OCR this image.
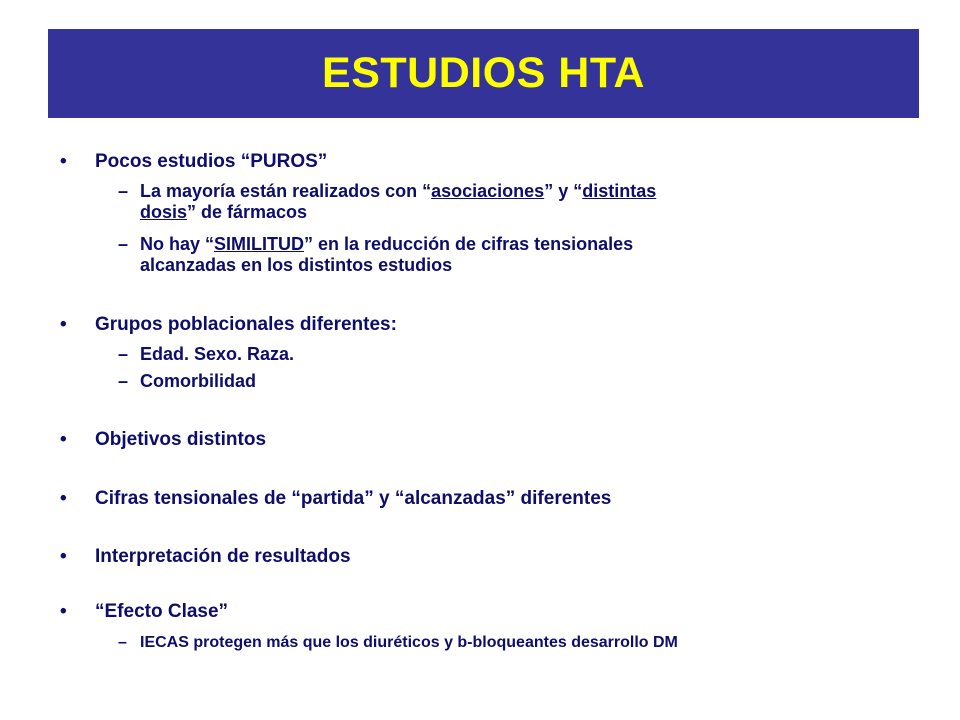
ESTUDIOS HTA
•	Pocos estudios “PUROS”
– La mayoría están realizados con “asociaciones” y “distintas
dosis” de fármacos
– No hay “SIMILITUD” en la reducción de cifras tensionales
alcanzadas en los distintos estudios
•	Grupos poblacionales diferentes:
– Edad. Sexo. Raza.
– Comorbilidad
•	Objetivos distintos
•	Cifras tensionales de “partida” y “alcanzadas” diferentes
•	Interpretación de resultados
•	“Efecto Clase”
– IECAS protegen más que los diuréticos y b-bloqueantes desarrollo DM
